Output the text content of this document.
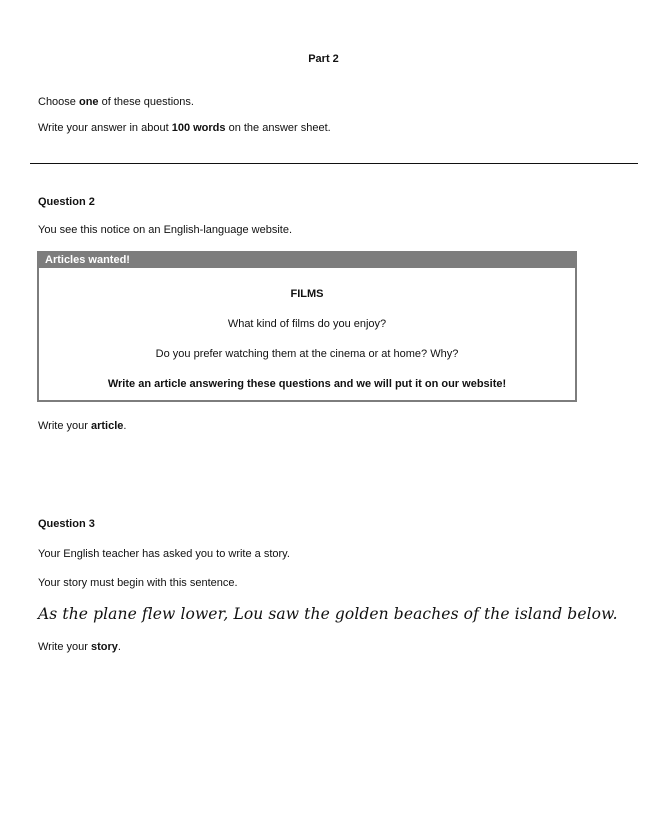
Part 2
Choose one of these questions.
Write your answer in about 100 words on the answer sheet.
Question 2
You see this notice on an English-language website.
Articles wanted!
FILMS
What kind of films do you enjoy?
Do you prefer watching them at the cinema or at home? Why?
Write an article answering these questions and we will put it on our website!
Write your article.
Question 3
Your English teacher has asked you to write a story.
Your story must begin with this sentence.
As the plane flew lower, Lou saw the golden beaches of the island below.
Write your story.
